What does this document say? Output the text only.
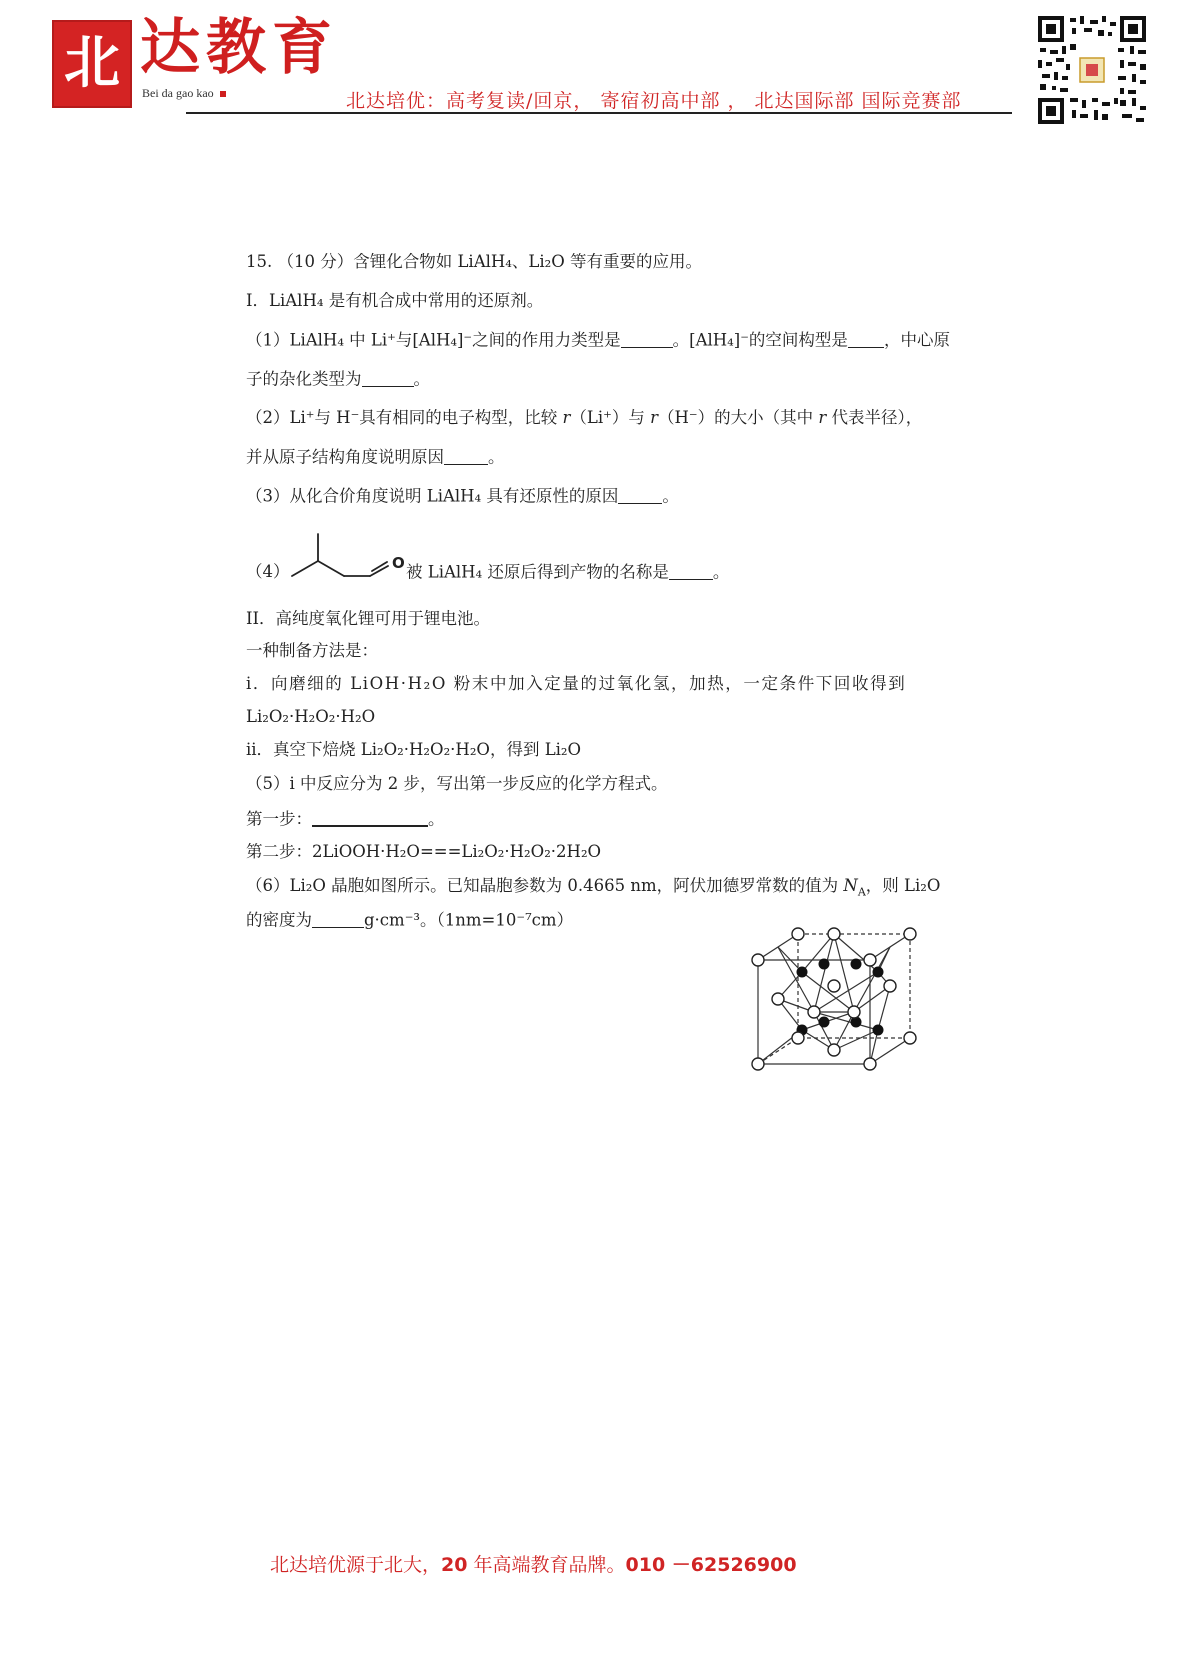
北 达教育
Bei da gao kao	北达培优：高考复读/回京， 寄宿初高中部 ， 北达国际部 国际竞赛部
15. （10 分）含锂化合物如 LiAlH₄、Li₂O 等有重要的应用。
I．LiAlH₄ 是有机合成中常用的还原剂。
（1）LiAlH₄ 中 Li⁺与[AlH₄]⁻之间的作用力类型是	。[AlH₄]⁻的空间构型是 ，中心原
子的杂化类型为	。
（2）Li⁺与 H⁻具有相同的电子构型，比较 r（Li⁺）与 r（H⁻）的大小（其中 r 代表半径），
并从原子结构角度说明原因	。
（3）从化合价角度说明 LiAlH₄ 具有还原性的原因	。
（4）	O 被 LiAlH₄ 还原后得到产物的名称是	。
II．高纯度氧化锂可用于锂电池。
一种制备方法是：
i．向磨细的 LiOH·H₂O 粉末中加入定量的过氧化氢，加热，一定条件下回收得到
Li₂O₂·H₂O₂·H₂O
ii．真空下焙烧 Li₂O₂·H₂O₂·H₂O，得到 Li₂O
（5）i 中反应分为 2 步，写出第一步反应的化学方程式。
第一步：	。
第二步：2LiOOH·H₂O===Li₂O₂·H₂O₂·2H₂O
（6）Li₂O 晶胞如图所示。已知晶胞参数为 0.4665 nm，阿伏加德罗常数的值为 $N_A$，则 Li₂O
的密度为	g·cm⁻³。（1nm=10⁻⁷cm）
北达培优源于北大，20 年高端教育品牌。010 －62526900
